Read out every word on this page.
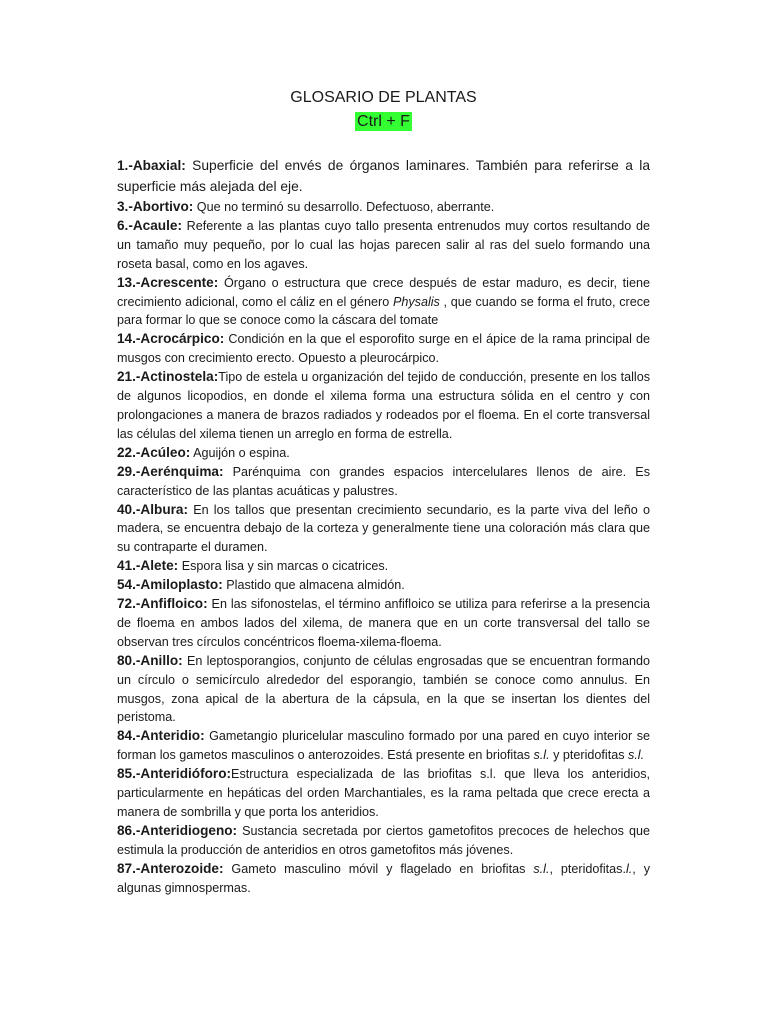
GLOSARIO DE PLANTAS
Ctrl + F

1.-Abaxial: Superficie del envés de órganos laminares. También para referirse a la superficie más alejada del eje.

3.-Abortivo: Que no terminó su desarrollo. Defectuoso, aberrante.

6.-Acaule: Referente a las plantas cuyo tallo presenta entrenudos muy cortos resultando de un tamaño muy pequeño, por lo cual las hojas parecen salir al ras del suelo formando una roseta basal, como en los agaves.

13.-Acrescente: Órgano o estructura que crece después de estar maduro, es decir, tiene crecimiento adicional, como el cáliz en el género Physalis , que cuando se forma el fruto, crece para formar lo que se conoce como la cáscara del tomate

14.-Acrocárpico: Condición en la que el esporofito surge en el ápice de la rama principal de musgos con crecimiento erecto. Opuesto a pleurocárpico.

21.-Actinostela:Tipo de estela u organización del tejido de conducción, presente en los tallos de algunos licopodios, en donde el xilema forma una estructura sólida en el centro y con prolongaciones a manera de brazos radiados y rodeados por el floema. En el corte transversal las células del xilema tienen un arreglo en forma de estrella.

22.-Acúleo: Aguijón o espina.

29.-Aerénquima: Parénquima con grandes espacios intercelulares llenos de aire. Es característico de las plantas acuáticas y palustres.

40.-Albura: En los tallos que presentan crecimiento secundario, es la parte viva del leño o madera, se encuentra debajo de la corteza y generalmente tiene una coloración más clara que su contraparte el duramen.

41.-Alete: Espora lisa y sin marcas o cicatrices.

54.-Amiloplasto: Plastido que almacena almidón.

72.-Anfifloico: En las sifonostelas, el término anfifloico se utiliza para referirse a la presencia de floema en ambos lados del xilema, de manera que en un corte transversal del tallo se observan tres círculos concéntricos floema-xilema-floema.

80.-Anillo: En leptosporangios, conjunto de células engrosadas que se encuentran formando un círculo o semicírculo alrededor del esporangio, también se conoce como annulus. En musgos, zona apical de la abertura de la cápsula, en la que se insertan los dientes del peristoma.

84.-Anteridio: Gametangio pluricelular masculino formado por una pared en cuyo interior se forman los gametos masculinos o anterozoides. Está presente en briofitas s.l. y pteridofitas s.l.

85.-Anteridióforo:Estructura especializada de las briofitas s.l. que lleva los anteridios, particularmente en hepáticas del orden Marchantiales, es la rama peltada que crece erecta a manera de sombrilla y que porta los anteridios.

86.-Anteridiogeno: Sustancia secretada por ciertos gametofitos precoces de helechos que estimula la producción de anteridios en otros gametofitos más jóvenes.

87.-Anterozoide: Gameto masculino móvil y flagelado en briofitas s.l., pteridofitas.l., y algunas gimnospermas.
